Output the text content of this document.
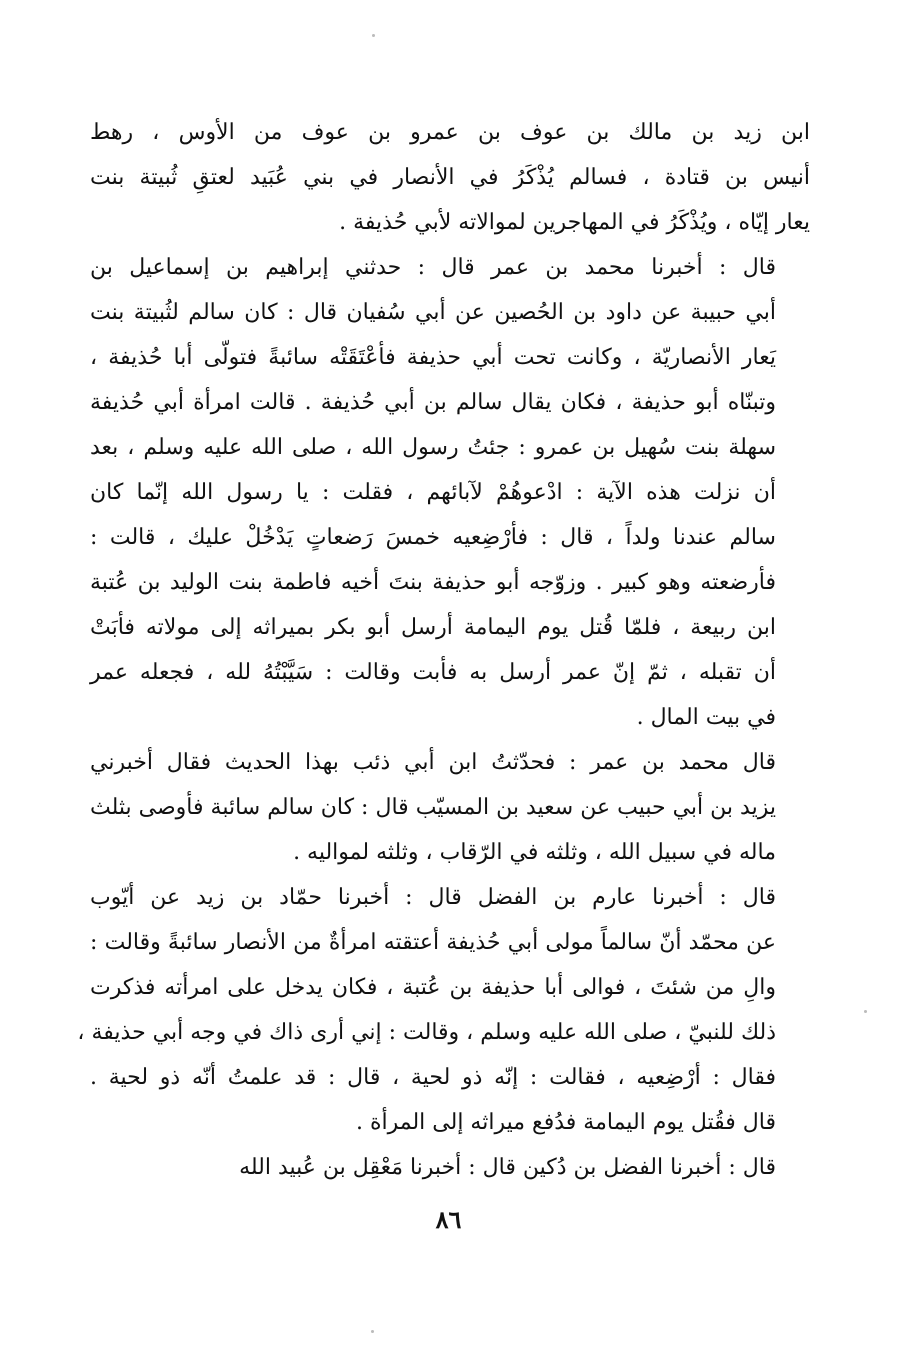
ابن زيد بن مالك بن عوف بن عمرو بن عوف من الأوس ، رهط
أنيس بن قتادة ، فسالم يُذْكَرُ في الأنصار في بني عُبَيد لعتقِ ثُبيتة بنت
يعار إيّاه ، ويُذْكَرُ في المهاجرين لموالاته لأبي حُذيفة .
قال : أخبرنا محمد بن عمر قال : حدثني إبراهيم بن إسماعيل بن
أبي حبيبة عن داود بن الحُصين عن أبي سُفيان قال : كان سالم لثُبيتة بنت
يَعار الأنصاريّة ، وكانت تحت أبي حذيفة فأعْتَقَتْه سائبةً فتولّى أبا حُذيفة ،
وتبنّاه أبو حذيفة ، فكان يقال سالم بن أبي حُذيفة . قالت امرأة أبي حُذيفة
سهلة بنت سُهيل بن عمرو : جئتُ رسول الله ، صلى الله عليه وسلم ، بعد
أن نزلت هذه الآية : ادْعوهُمْ لآبائهم ، فقلت : يا رسول الله إنّما كان
سالم عندنا ولداً ، قال : فأرْضِعيه خمسَ رَضعاتٍ يَدْخُلْ عليك ، قالت :
فأرضعته وهو كبير . وزوّجه أبو حذيفة بنتَ أخيه فاطمة بنت الوليد بن عُتبة
ابن ربيعة ، فلمّا قُتل يوم اليمامة أرسل أبو بكر بميراثه إلى مولاته فأبَتْ
أن تقبله ، ثمّ إنّ عمر أرسل به فأبت وقالت : سَيَّبْتُهُ لله ، فجعله عمر
في بيت المال .
قال محمد بن عمر : فحدّثتُ ابن أبي ذئب بهذا الحديث فقال أخبرني
يزيد بن أبي حبيب عن سعيد بن المسيّب قال : كان سالم سائبة فأوصى بثلث
ماله في سبيل الله ، وثلثه في الرّقاب ، وثلثه لمواليه .
قال : أخبرنا عارم بن الفضل قال : أخبرنا حمّاد بن زيد عن أيّوب
عن محمّد أنّ سالماً مولى أبي حُذيفة أعتقته امرأةٌ من الأنصار سائبةً وقالت :
والِ من شئتَ ، فوالى أبا حذيفة بن عُتبة ، فكان يدخل على امرأته فذكرت
ذلك للنبيّ ، صلى الله عليه وسلم ، وقالت : إني أرى ذاك في وجه أبي حذيفة ،
فقال : أرْضِعيه ، فقالت : إنّه ذو لحية ، قال : قد علمتُ أنّه ذو لحية .
قال فقُتل يوم اليمامة فدُفع ميراثه إلى المرأة .
قال : أخبرنا الفضل بن دُكين قال : أخبرنا مَعْقِل بن عُبيد الله
٨٦
